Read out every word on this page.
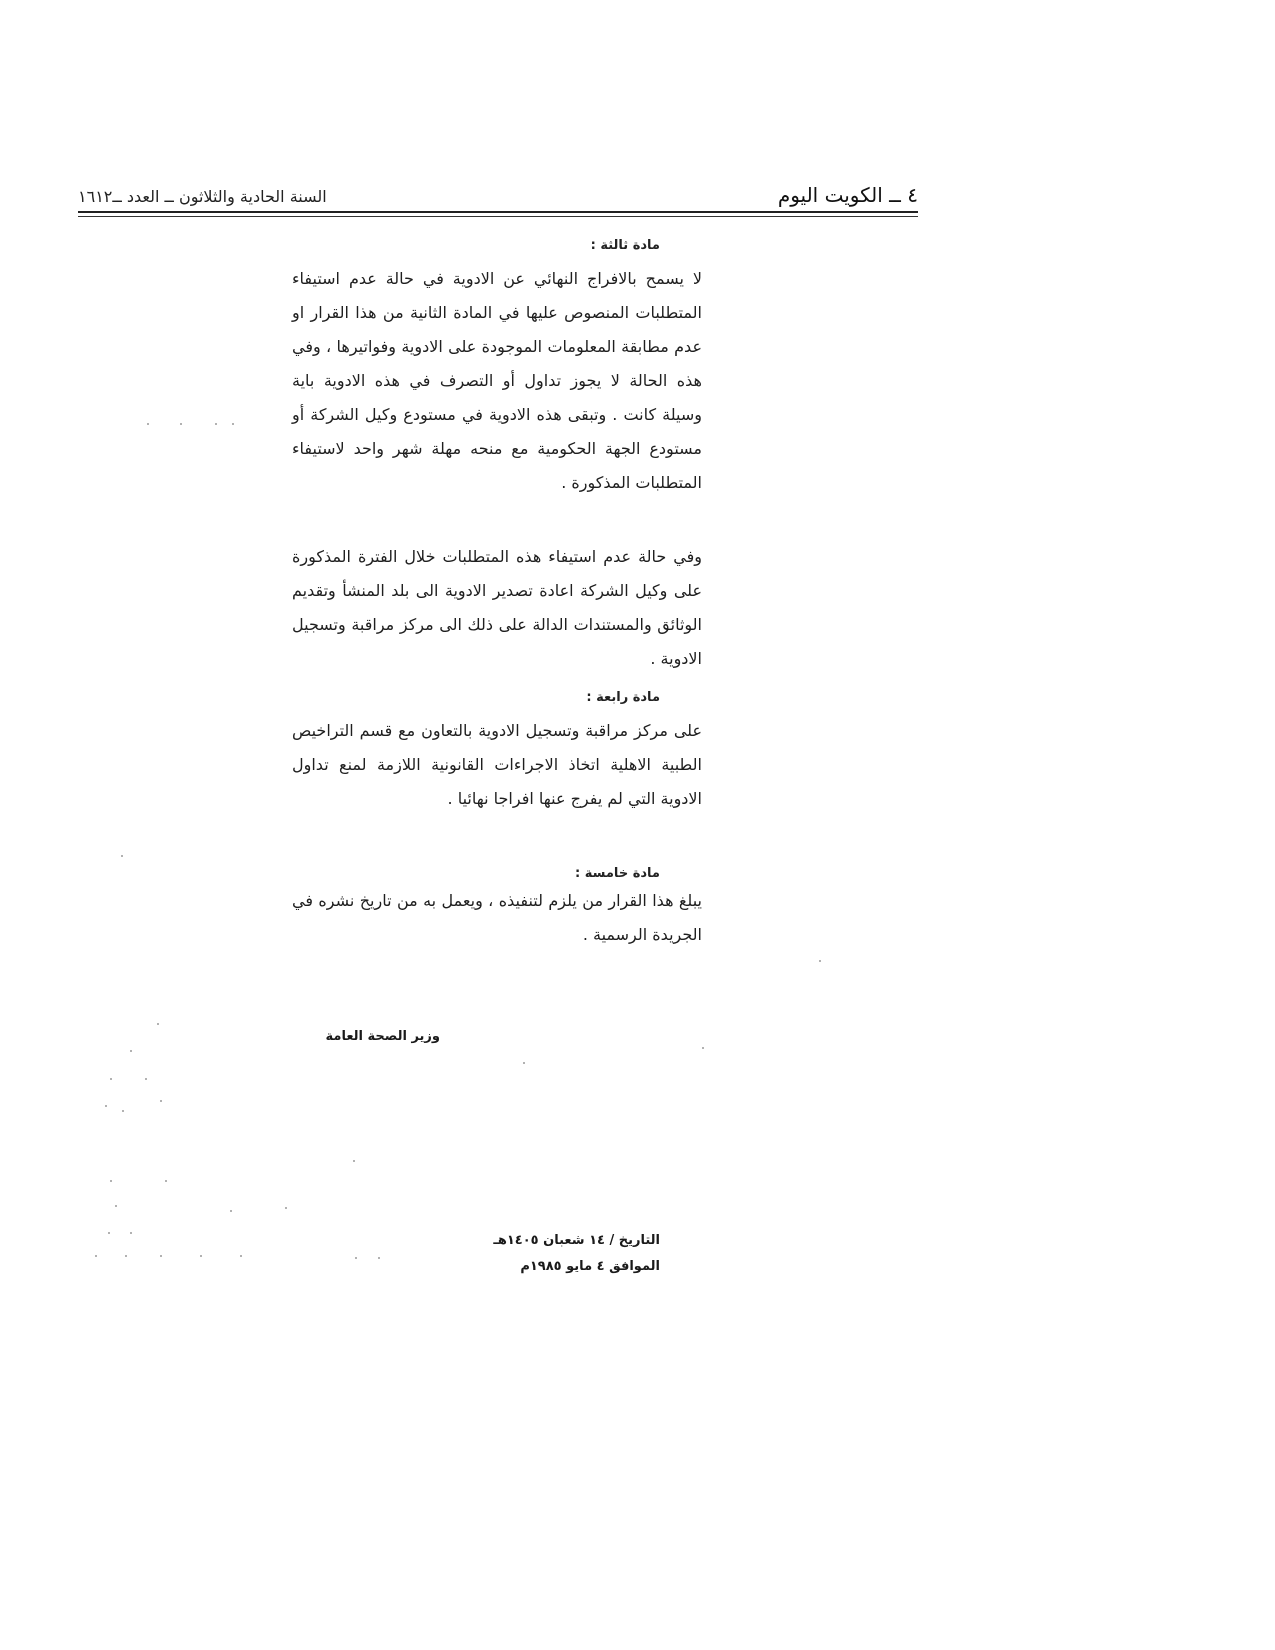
٤ ــ الكويت اليوم
السنة الحادية والثلاثون ــ العدد ــ١٦١٢
مادة ثالثة :
لا يسمح بالافراج النهائي عن الادوية في حالة عدم استيفاء المتطلبات المنصوص عليها في المادة الثانية من هذا القرار او عدم مطابقة المعلومات الموجودة على الادوية وفواتيرها ، وفي هذه الحالة لا يجوز تداول أو التصرف في هذه الادوية باية وسيلة كانت . وتبقى هذه الادوية في مستودع وكيل الشركة أو مستودع الجهة الحكومية مع منحه مهلة شهر واحد لاستيفاء المتطلبات المذكورة .
وفي حالة عدم استيفاء هذه المتطلبات خلال الفترة المذكورة على وكيل الشركة اعادة تصدير الادوية الى بلد المنشأ وتقديم الوثائق والمستندات الدالة على ذلك الى مركز مراقبة وتسجيل الادوية .
مادة رابعة :
على مركز مراقبة وتسجيل الادوية بالتعاون مع قسم التراخيص الطبية الاهلية اتخاذ الاجراءات القانونية اللازمة لمنع تداول الادوية التي لم يفرج عنها افراجا نهائيا .
مادة خامسة :
يبلغ هذا القرار من يلزم لتنفيذه ، ويعمل به من تاريخ نشره في الجريدة الرسمية .
وزير الصحة العامة
التاريخ / ١٤ شعبان ١٤٠٥هـ
الموافق ٤ مايو ١٩٨٥م
